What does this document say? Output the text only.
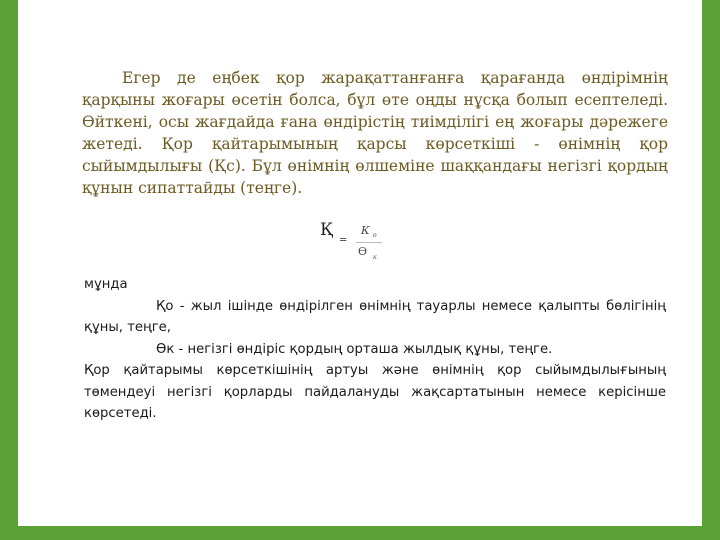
Егер де еңбек қор жарақаттанғанға қарағанда өндірімнің қарқыны жоғары өсетін болса, бұл өте оңды нұсқа болып есептеледі. Өйткені, осы жағдайда ғана өндірістің тиімділігі ең жоғары дәрежеге жетеді. Қор қайтарымының қарсы көрсеткіші - өнімнің қор сыйымдылығы (Қс). Бұл өнімнің өлшеміне шаққандағы негізгі қордың құнын сипаттайды (теңге).

Қ
=
К о
Ө к

мұнда

Қо - жыл ішінде өндірілген өнімнің тауарлы немесе қалыпты бөлігінің құны, теңге,

Өк - негізгі өндіріс қордың орташа жылдық құны, теңге.

Қор қайтарымы көрсеткішінің артуы және өнімнің қор сыйымдылығының төмендеуі негізгі қорларды пайдалануды жақсартатынын немесе керісінше көрсетеді.
